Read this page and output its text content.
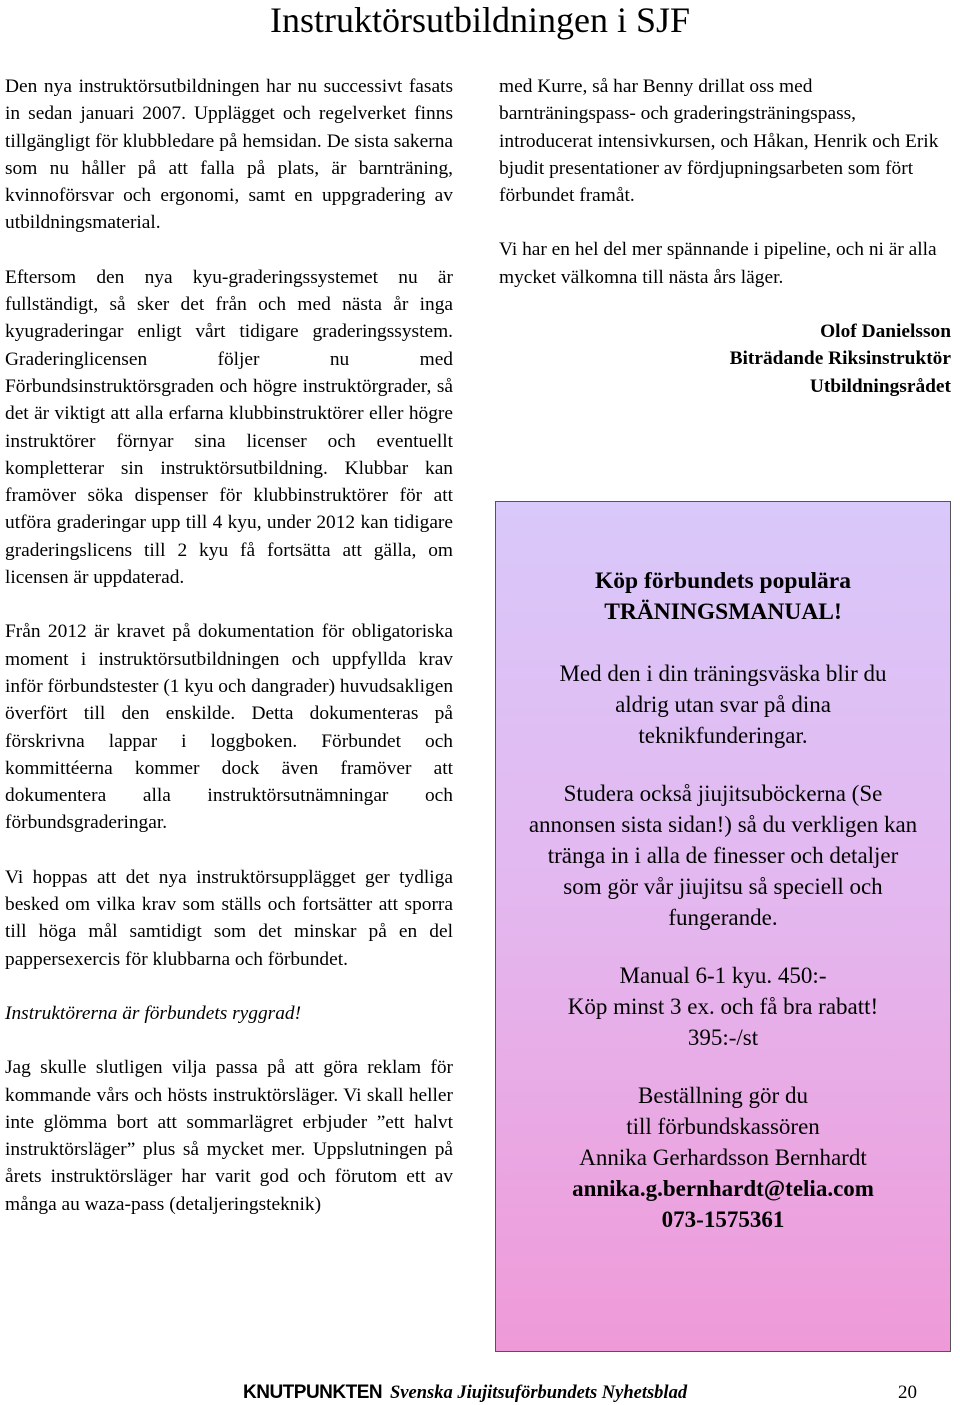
Instruktörsutbildningen i SJF

Den nya instruktörsutbildningen har nu successivt fasats in sedan januari 2007. Upplägget och regelverket finns tillgängligt för klubbledare på hemsidan. De sista sakerna som nu håller på att falla på plats, är barnträning, kvinnoförsvar och ergonomi, samt en uppgradering av utbildningsmaterial.

Eftersom den nya kyu-graderingssystemet nu är fullständigt, så sker det från och med nästa år inga kyugraderingar enligt vårt tidigare graderingssystem. Graderinglicensen följer nu med Förbundsinstruktörsgraden och högre instruktörgrader, så det är viktigt att alla erfarna klubbinstruktörer eller högre instruktörer förnyar sina licenser och eventuellt kompletterar sin instruktörsutbildning. Klubbar kan framöver söka dispenser för klubbinstruktörer för att utföra graderingar upp till 4 kyu, under 2012 kan tidigare graderingslicens till 2 kyu få fortsätta att gälla, om licensen är uppdaterad.

Från 2012 är kravet på dokumentation för obligatoriska moment i instruktörsutbildningen och uppfyllda krav inför förbundstester (1 kyu och dangrader) huvudsakligen överfört till den enskilde. Detta dokumenteras på förskrivna lappar i loggboken. Förbundet och kommittéerna kommer dock även framöver att dokumentera alla instruktörsutnämningar och förbundsgraderingar.

Vi hoppas att det nya instruktörsupplägget ger tydliga besked om vilka krav som ställs och fortsätter att sporra till höga mål samtidigt som det minskar på en del pappersexercis för klubbarna och förbundet.

Instruktörerna är förbundets ryggrad!

Jag skulle slutligen vilja passa på att göra reklam för kommande vårs och hösts instruktörsläger. Vi skall heller inte glömma bort att sommarlägret erbjuder ”ett halvt instruktörsläger” plus så mycket mer. Uppslutningen på årets instruktörsläger har varit god och förutom ett av många au waza-pass (detaljeringsteknik)

med Kurre, så har Benny drillat oss med barnträningspass- och graderingsträningspass, introducerat intensivkursen, och Håkan, Henrik och Erik bjudit presentationer av fördjupningsarbeten som fört förbundet framåt.

Vi har en hel del mer spännande i pipeline, och ni är alla mycket välkomna till nästa års läger.

Olof Danielsson
Biträdande Riksinstruktör
Utbildningsrådet
Köp förbundets populära
TRÄNINGSMANUAL!
Med den i din träningsväska blir du aldrig utan svar på dina teknikfunderingar.
Studera också jiujitsuböckerna (Se annonsen sista sidan!) så du verkligen kan tränga in i alla de finesser och detaljer som gör vår jiujitsu så speciell och fungerande.
Manual 6-1 kyu. 450:-
Köp minst 3 ex. och få bra rabatt!
395:-/st
Beställning gör du
till förbundskassören
Annika Gerhardsson Bernhardt
annika.g.bernhardt@telia.com
073-1575361
KNUTPUNKTEN Svenska Jiujitsuförbundets Nyhetsblad	20
